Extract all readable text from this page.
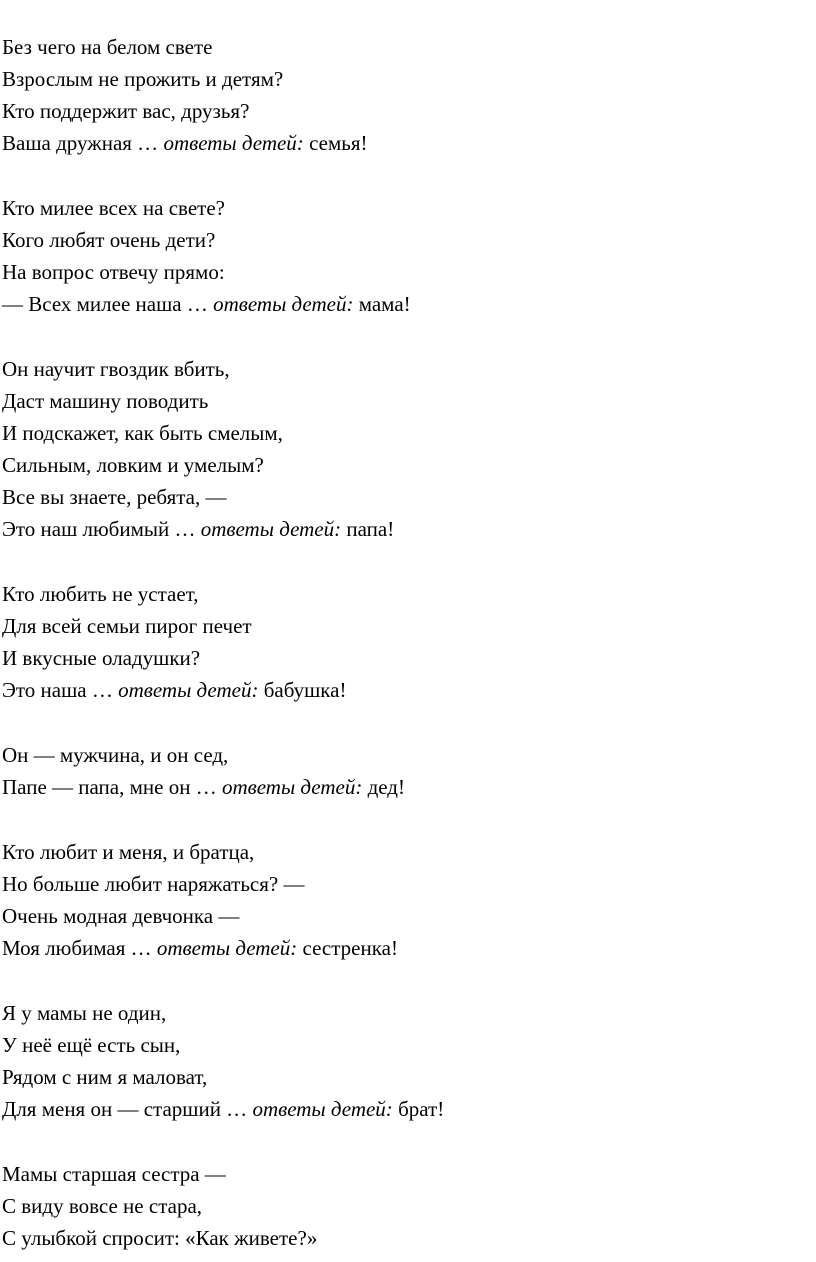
Без чего на белом свете
Взрослым не прожить и детям?
Кто поддержит вас, друзья?
Ваша дружная … ответы детей: семья!
Кто милее всех на свете?
Кого любят очень дети?
На вопрос отвечу прямо:
— Всех милее наша … ответы детей: мама!
Он научит гвоздик вбить,
Даст машину поводить
И подскажет, как быть смелым,
Сильным, ловким и умелым?
Все вы знаете, ребята, —
Это наш любимый … ответы детей: папа!
Кто любить не устает,
Для всей семьи пирог печет
И вкусные оладушки?
Это наша … ответы детей: бабушка!
Он — мужчина, и он сед,
Папе — папа, мне он … ответы детей: дед!
Кто любит и меня, и братца,
Но больше любит наряжаться? —
Очень модная девчонка —
Моя любимая … ответы детей: сестренка!
Я у мамы не один,
У неё ещё есть сын,
Рядом с ним я маловат,
Для меня он — старший … ответы детей: брат!
Мамы старшая сестра —
С виду вовсе не стара,
С улыбкой спросит: «Как живете?»
